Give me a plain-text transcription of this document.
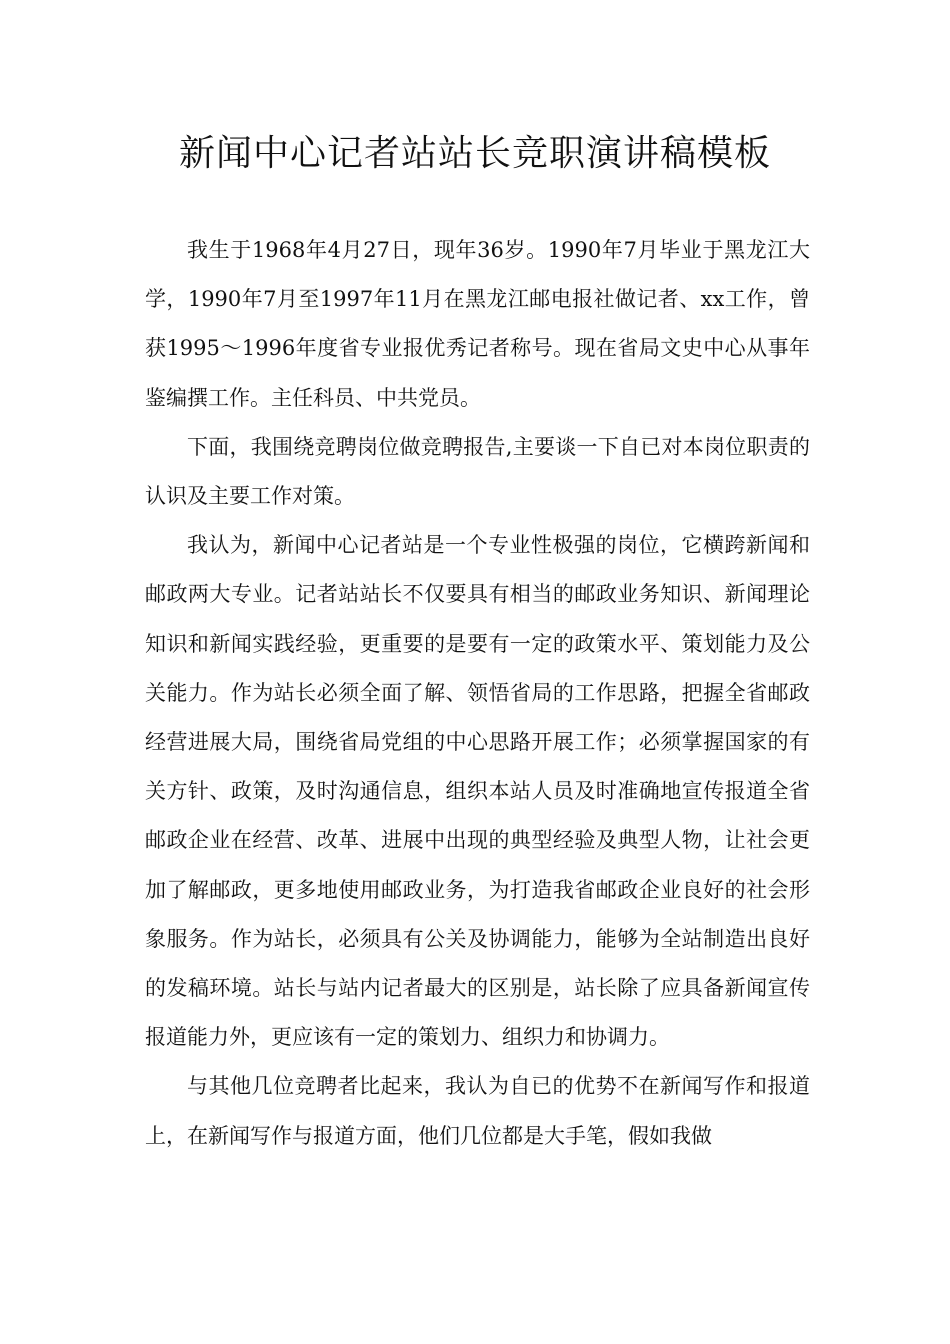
新闻中心记者站站长竞职演讲稿模板

我生于1968年4月27日，现年36岁。1990年7月毕业于黑龙江大学，1990年7月至1997年11月在黑龙江邮电报社做记者、xx工作，曾获1995～1996年度省专业报优秀记者称号。现在省局文史中心从事年鉴编撰工作。主任科员、中共党员。

下面，我围绕竞聘岗位做竞聘报告,主要谈一下自已对本岗位职责的认识及主要工作对策。

我认为，新闻中心记者站是一个专业性极强的岗位，它横跨新闻和邮政两大专业。记者站站长不仅要具有相当的邮政业务知识、新闻理论知识和新闻实践经验，更重要的是要有一定的政策水平、策划能力及公关能力。作为站长必须全面了解、领悟省局的工作思路，把握全省邮政经营进展大局，围绕省局党组的中心思路开展工作；必须掌握国家的有关方针、政策，及时沟通信息，组织本站人员及时准确地宣传报道全省邮政企业在经营、改革、进展中出现的典型经验及典型人物，让社会更加了解邮政，更多地使用邮政业务，为打造我省邮政企业良好的社会形象服务。作为站长，必须具有公关及协调能力，能够为全站制造出良好的发稿环境。站长与站内记者最大的区别是，站长除了应具备新闻宣传报道能力外，更应该有一定的策划力、组织力和协调力。

与其他几位竞聘者比起来，我认为自已的优势不在新闻写作和报道上，在新闻写作与报道方面，他们几位都是大手笔，假如我做
